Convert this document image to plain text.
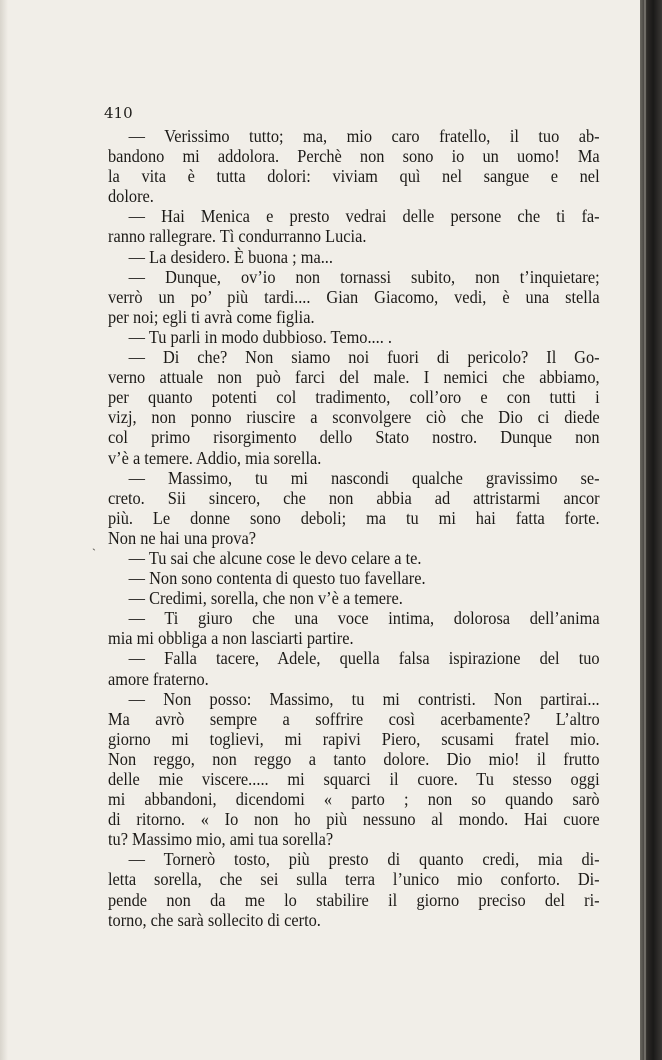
410
`
— Verissimo tutto; ma, mio caro fratello, il tuo ab-
bandono mi addolora. Perchè non sono io un uomo! Ma
la vita è tutta dolori: viviam quì nel sangue e nel
dolore.
— Hai Menica e presto vedrai delle persone che ti fa-
ranno rallegrare. Tì condurranno Lucia.
— La desidero. È buona ; ma...
— Dunque, ov’io non tornassi subito, non t’inquietare;
verrò un po’ più tardi.... Gian Giacomo, vedi, è una stella
per noi; egli ti avrà come figlia.
— Tu parli in modo dubbioso. Temo.... .
— Di che? Non siamo noi fuori di pericolo? Il Go-
verno attuale non può farci del male. I nemici che abbiamo,
per quanto potenti col tradimento, coll’oro e con tutti i
vizj, non ponno riuscire a sconvolgere ciò che Dio ci diede
col primo risorgimento dello Stato nostro. Dunque non
v’è a temere. Addio, mia sorella.
— Massimo, tu mi nascondi qualche gravissimo se-
creto. Sii sincero, che non abbia ad attristarmi ancor
più. Le donne sono deboli; ma tu mi hai fatta forte.
Non ne hai una prova?
— Tu sai che alcune cose le devo celare a te.
— Non sono contenta di questo tuo favellare.
— Credimi, sorella, che non v’è a temere.
— Ti giuro che una voce intima, dolorosa dell’anima
mia mi obbliga a non lasciarti partire.
— Falla tacere, Adele, quella falsa ispirazione del tuo
amore fraterno.
— Non posso: Massimo, tu mi contristi. Non partirai...
Ma avrò sempre a soffrire così acerbamente? L’altro
giorno mi toglievi, mi rapivi Piero, scusami fratel mio.
Non reggo, non reggo a tanto dolore. Dio mio! il frutto
delle mie viscere..... mi squarci il cuore. Tu stesso oggi
mi abbandoni, dicendomi « parto ; non so quando sarò
di ritorno. « Io non ho più nessuno al mondo. Hai cuore
tu? Massimo mio, ami tua sorella?
— Tornerò tosto, più presto di quanto credi, mia di-
letta sorella, che sei sulla terra l’unico mio conforto. Di-
pende non da me lo stabilire il giorno preciso del ri-
torno, che sarà sollecito di certo.
